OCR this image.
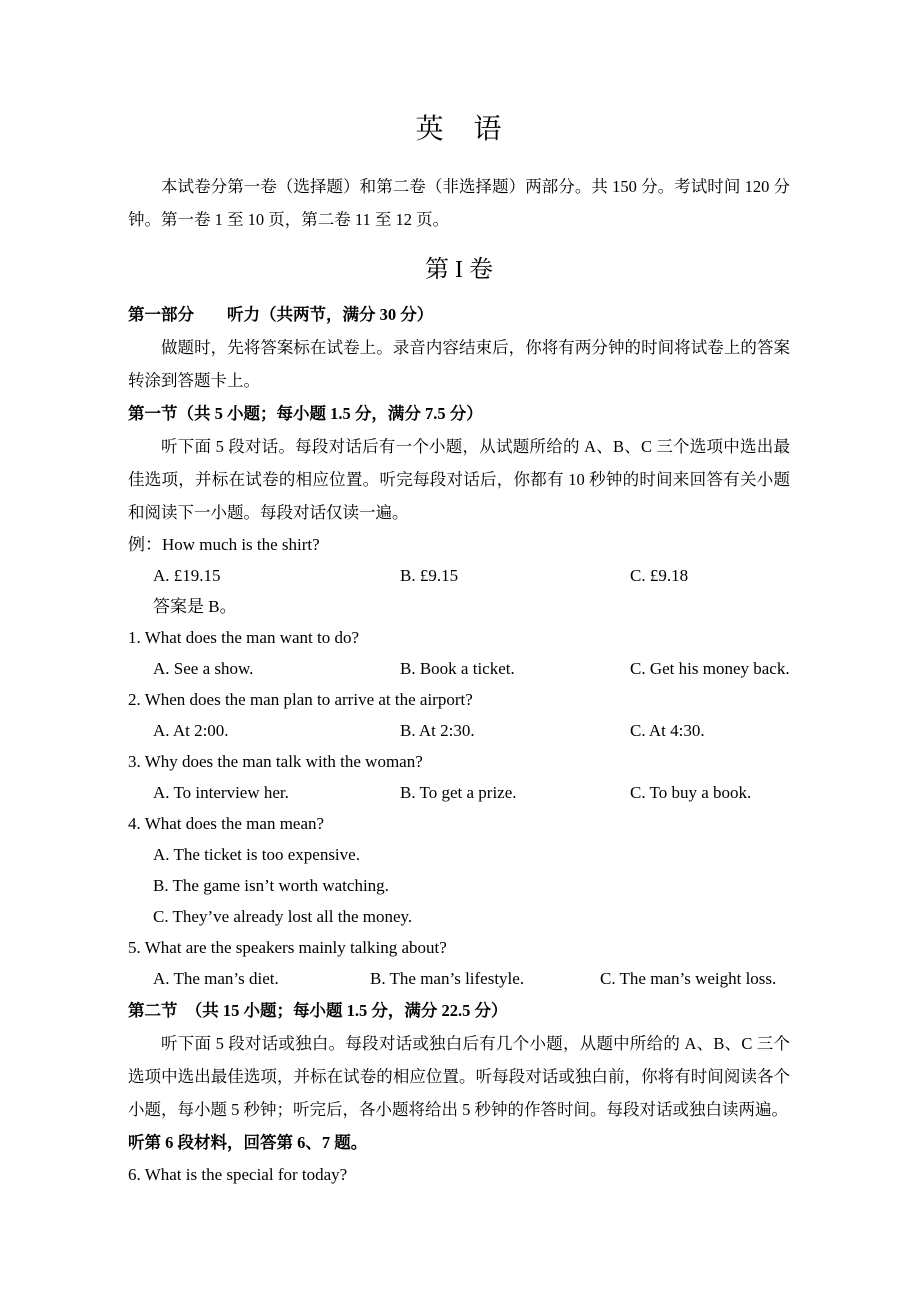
英　语

本试卷分第一卷（选择题）和第二卷（非选择题）两部分。共 150 分。考试时间 120 分钟。第一卷 1 至 10 页，第二卷 11 至 12 页。

第 I 卷
第一部分　　听力（共两节，满分 30 分）

做题时，先将答案标在试卷上。录音内容结束后，你将有两分钟的时间将试卷上的答案转涂到答题卡上。

第一节（共 5 小题；每小题 1.5 分，满分 7.5 分）

听下面 5 段对话。每段对话后有一个小题，从试题所给的 A、B、C 三个选项中选出最佳选项，并标在试卷的相应位置。听完每段对话后，你都有 10 秒钟的时间来回答有关小题和阅读下一小题。每段对话仅读一遍。

例：How much is the shirt?

A. £19.15	B. £9.15	C. £9.18

答案是 B。

1. What does the man want to do?

A. See a show.	B. Book a ticket.	C. Get his money back.

2. When does the man plan to arrive at the airport?

A. At 2:00.	B. At 2:30.	C. At 4:30.

3. Why does the man talk with the woman?

A. To interview her.	B. To get a prize.	C. To buy a book.

4. What does the man mean?

A. The ticket is too expensive.

B. The game isn’t worth watching.

C. They’ve already lost all the money.

5. What are the speakers mainly talking about?

A. The man’s diet.	B. The man’s lifestyle.	C. The man’s weight loss.
第二节　（共 15 小题；每小题 1.5 分，满分 22.5 分）

听下面 5 段对话或独白。每段对话或独白后有几个小题，从题中所给的 A、B、C 三个选项中选出最佳选项，并标在试卷的相应位置。听每段对话或独白前，你将有时间阅读各个小题，每小题 5 秒钟；听完后，各小题将给出 5 秒钟的作答时间。每段对话或独白读两遍。

听第 6 段材料，回答第 6、7 题。

6. What is the special for today?
